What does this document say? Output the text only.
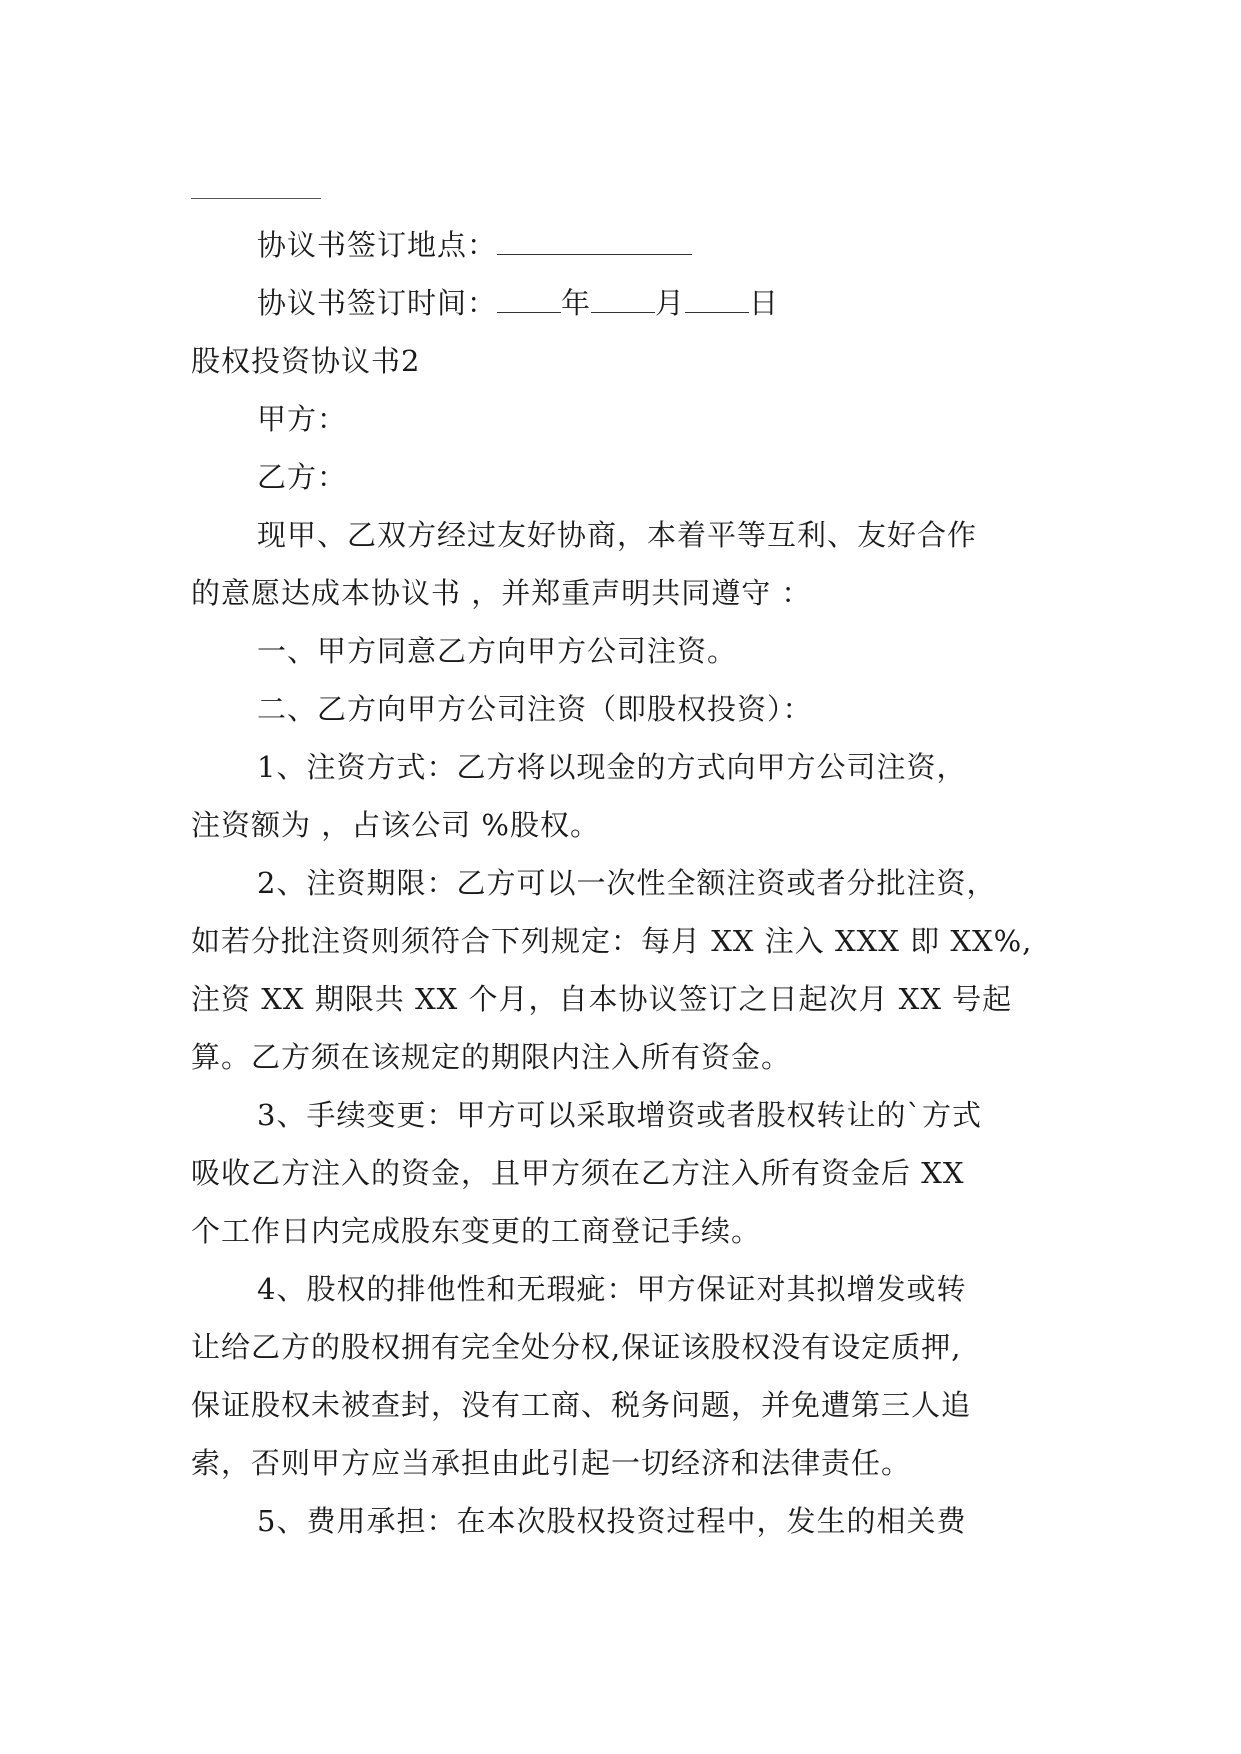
协议书签订地点：
协议书签订时间： 年 月 日
股权投资协议书2
甲方：
乙方：
现甲、乙双方经过友好协商，本着平等互利、友好合作
的意愿达成本协议书 ，并郑重声明共同遵守 ：
一、甲方同意乙方向甲方公司注资。
二、乙方向甲方公司注资（即股权投资）：
1、注资方式：乙方将以现金的方式向甲方公司注资，
注资额为 ，占该公司 %股权。
2、注资期限：乙方可以一次性全额注资或者分批注资，
如若分批注资则须符合下列规定：每月 XX 注入 XXX 即 XX%,
注资 XX 期限共 XX 个月，自本协议签订之日起次月 XX 号起
算。乙方须在该规定的期限内注入所有资金。
3、手续变更：甲方可以采取增资或者股权转让的`方式
吸收乙方注入的资金，且甲方须在乙方注入所有资金后 XX
个工作日内完成股东变更的工商登记手续。
4、股权的排他性和无瑕疵：甲方保证对其拟增发或转
让给乙方的股权拥有完全处分权,保证该股权没有设定质押,
保证股权未被查封，没有工商、税务问题，并免遭第三人追
索，否则甲方应当承担由此引起一切经济和法律责任。
5、费用承担：在本次股权投资过程中，发生的相关费
